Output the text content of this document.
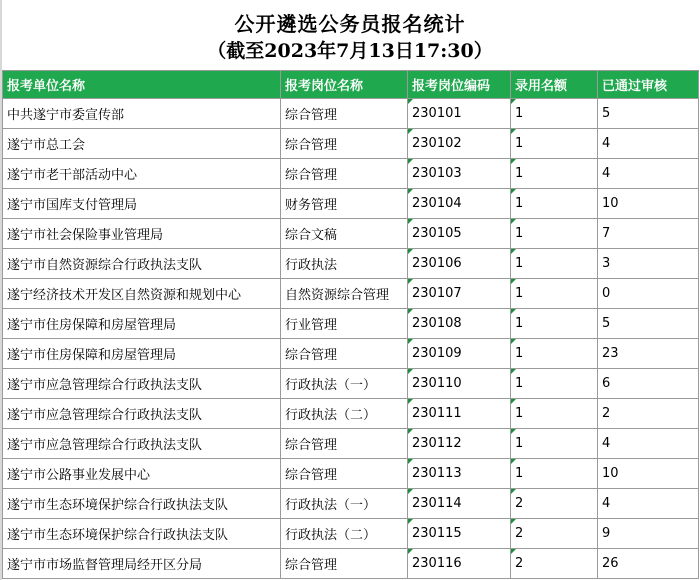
公开遴选公务员报名统计
（截至2023年7月13日17:30）
报考单位名称	报考岗位名称	报考岗位编码	录用名额	已通过审核
中共遂宁市委宣传部	综合管理	230101	1	5
遂宁市总工会	综合管理	230102	1	4
遂宁市老干部活动中心	综合管理	230103	1	4
遂宁市国库支付管理局	财务管理	230104	1	10
遂宁市社会保险事业管理局	综合文稿	230105	1	7
遂宁市自然资源综合行政执法支队	行政执法	230106	1	3
遂宁经济技术开发区自然资源和规划中心	自然资源综合管理	230107	1	0
遂宁市住房保障和房屋管理局	行业管理	230108	1	5
遂宁市住房保障和房屋管理局	综合管理	230109	1	23
遂宁市应急管理综合行政执法支队	行政执法（一）	230110	1	6
遂宁市应急管理综合行政执法支队	行政执法（二）	230111	1	2
遂宁市应急管理综合行政执法支队	综合管理	230112	1	4
遂宁市公路事业发展中心	综合管理	230113	1	10
遂宁市生态环境保护综合行政执法支队	行政执法（一）	230114	2	4
遂宁市生态环境保护综合行政执法支队	行政执法（二）	230115	2	9
遂宁市市场监督管理局经开区分局	综合管理	230116	2	26
